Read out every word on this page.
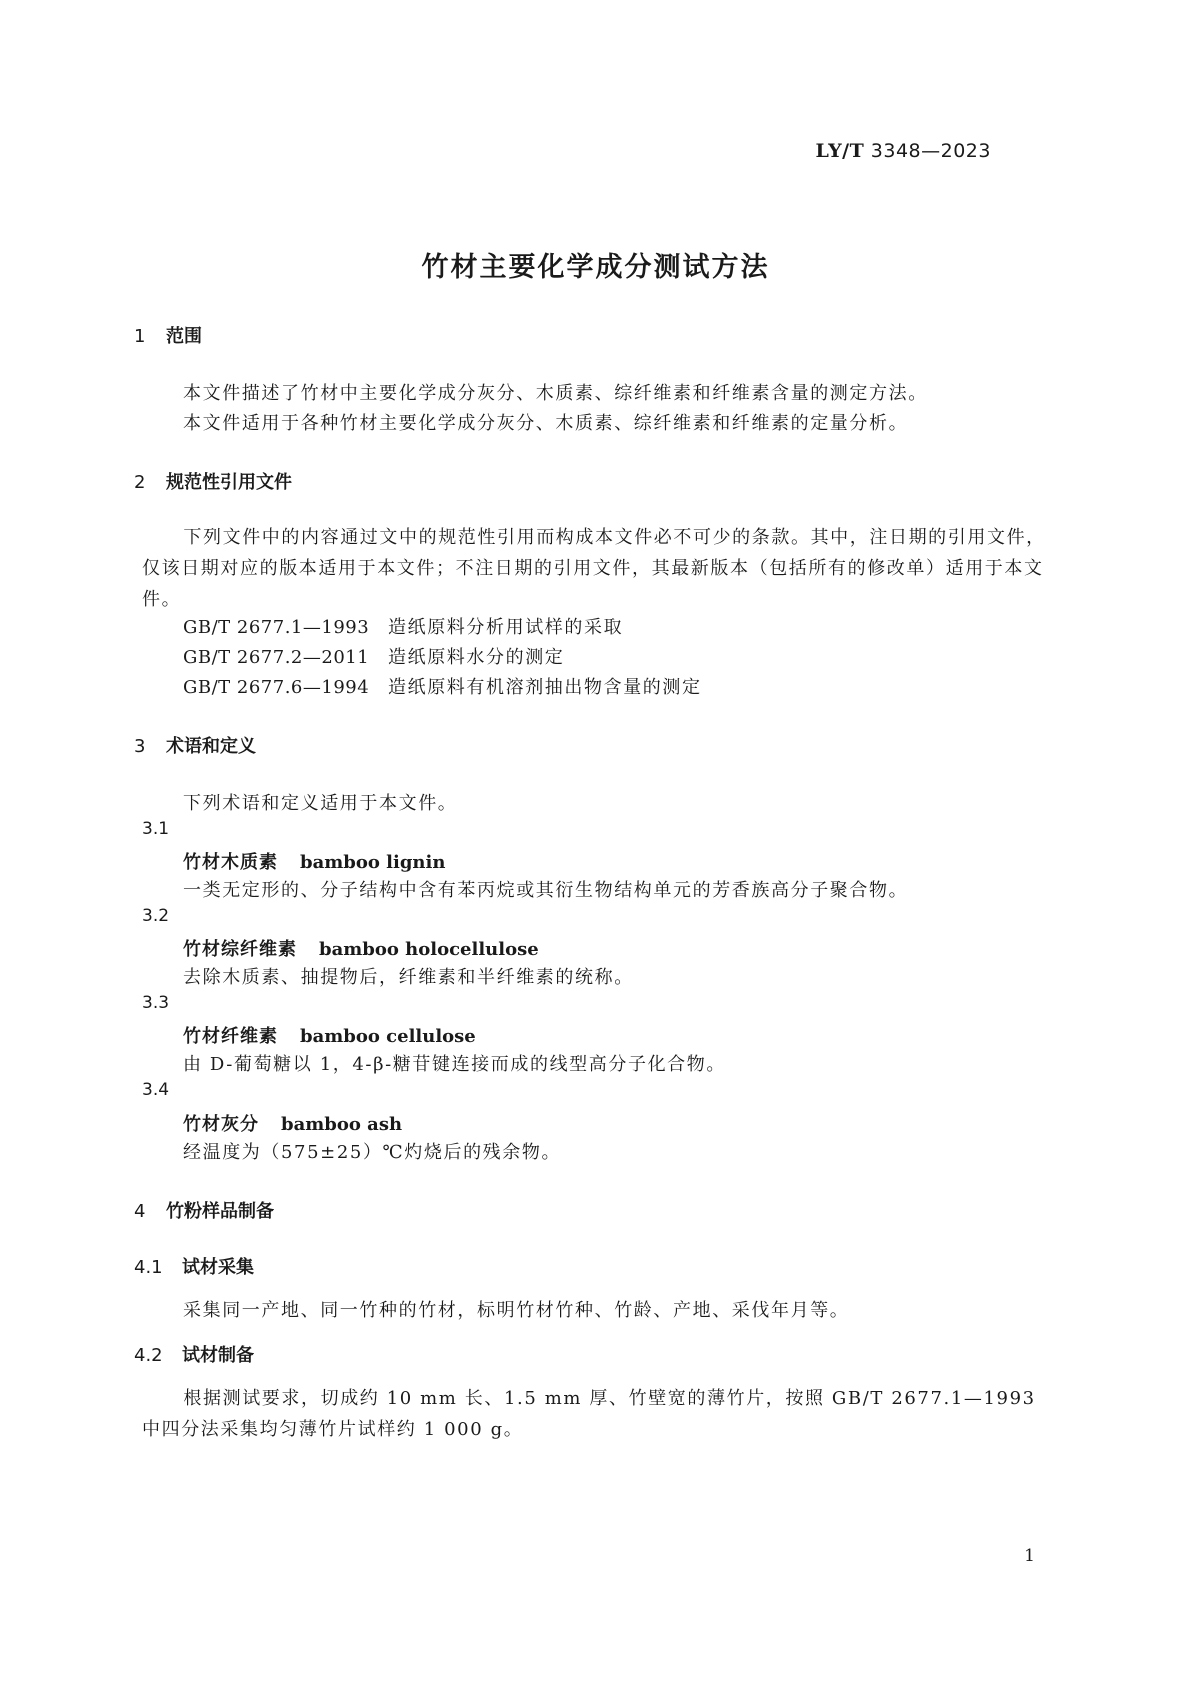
LY/T 3348—2023
竹材主要化学成分测试方法
1 范围
本文件描述了竹材中主要化学成分灰分、木质素、综纤维素和纤维素含量的测定方法。
本文件适用于各种竹材主要化学成分灰分、木质素、综纤维素和纤维素的定量分析。
2 规范性引用文件
下列文件中的内容通过文中的规范性引用而构成本文件必不可少的条款。其中，注日期的引用文件，仅该日期对应的版本适用于本文件；不注日期的引用文件，其最新版本（包括所有的修改单）适用于本文件。
GB/T 2677.1—1993 造纸原料分析用试样的采取
GB/T 2677.2—2011 造纸原料水分的测定
GB/T 2677.6—1994 造纸原料有机溶剂抽出物含量的测定
3 术语和定义
下列术语和定义适用于本文件。
3.1
竹材木质素 bamboo lignin
一类无定形的、分子结构中含有苯丙烷或其衍生物结构单元的芳香族高分子聚合物。
3.2
竹材综纤维素 bamboo holocellulose
去除木质素、抽提物后，纤维素和半纤维素的统称。
3.3
竹材纤维素 bamboo cellulose
由 D-葡萄糖以 1，4-β-糖苷键连接而成的线型高分子化合物。
3.4
竹材灰分 bamboo ash
经温度为（575±25）℃灼烧后的残余物。
4 竹粉样品制备
4.1 试材采集
采集同一产地、同一竹种的竹材，标明竹材竹种、竹龄、产地、采伐年月等。
4.2 试材制备
根据测试要求，切成约 10 mm 长、1.5 mm 厚、竹壁宽的薄竹片，按照 GB/T 2677.1—1993 中四分法采集均匀薄竹片试样约 1 000 g。
1
